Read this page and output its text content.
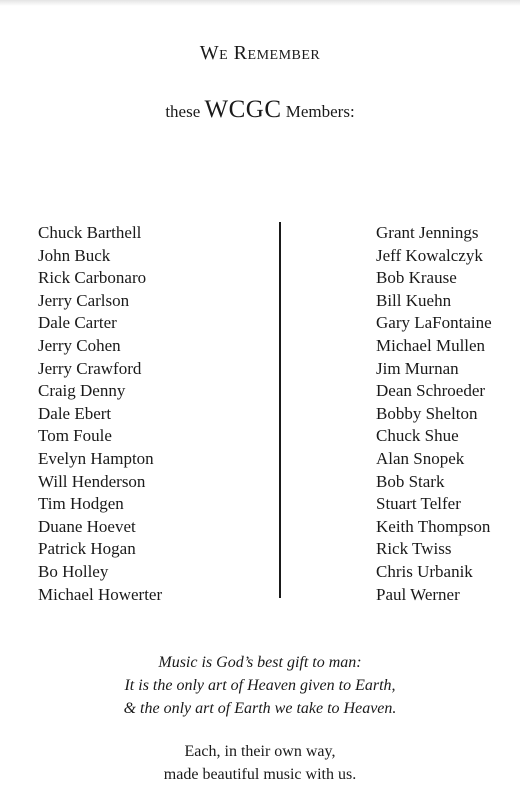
We Remember

these WCGC Members:

Chuck Barthell
John Buck
Rick Carbonaro
Jerry Carlson
Dale Carter
Jerry Cohen
Jerry Crawford
Craig Denny
Dale Ebert
Tom Foule
Evelyn Hampton
Will Henderson
Tim Hodgen
Duane Hoevet
Patrick Hogan
Bo Holley
Michael Howerter
Grant Jennings
Jeff Kowalczyk
Bob Krause
Bill Kuehn
Gary LaFontaine
Michael Mullen
Jim Murnan
Dean Schroeder
Bobby Shelton
Chuck Shue
Alan Snopek
Bob Stark
Stuart Telfer
Keith Thompson
Rick Twiss
Chris Urbanik
Paul Werner
Music is God’s best gift to man:
It is the only art of Heaven given to Earth,
& the only art of Earth we take to Heaven.
Each, in their own way,
made beautiful music with us.
